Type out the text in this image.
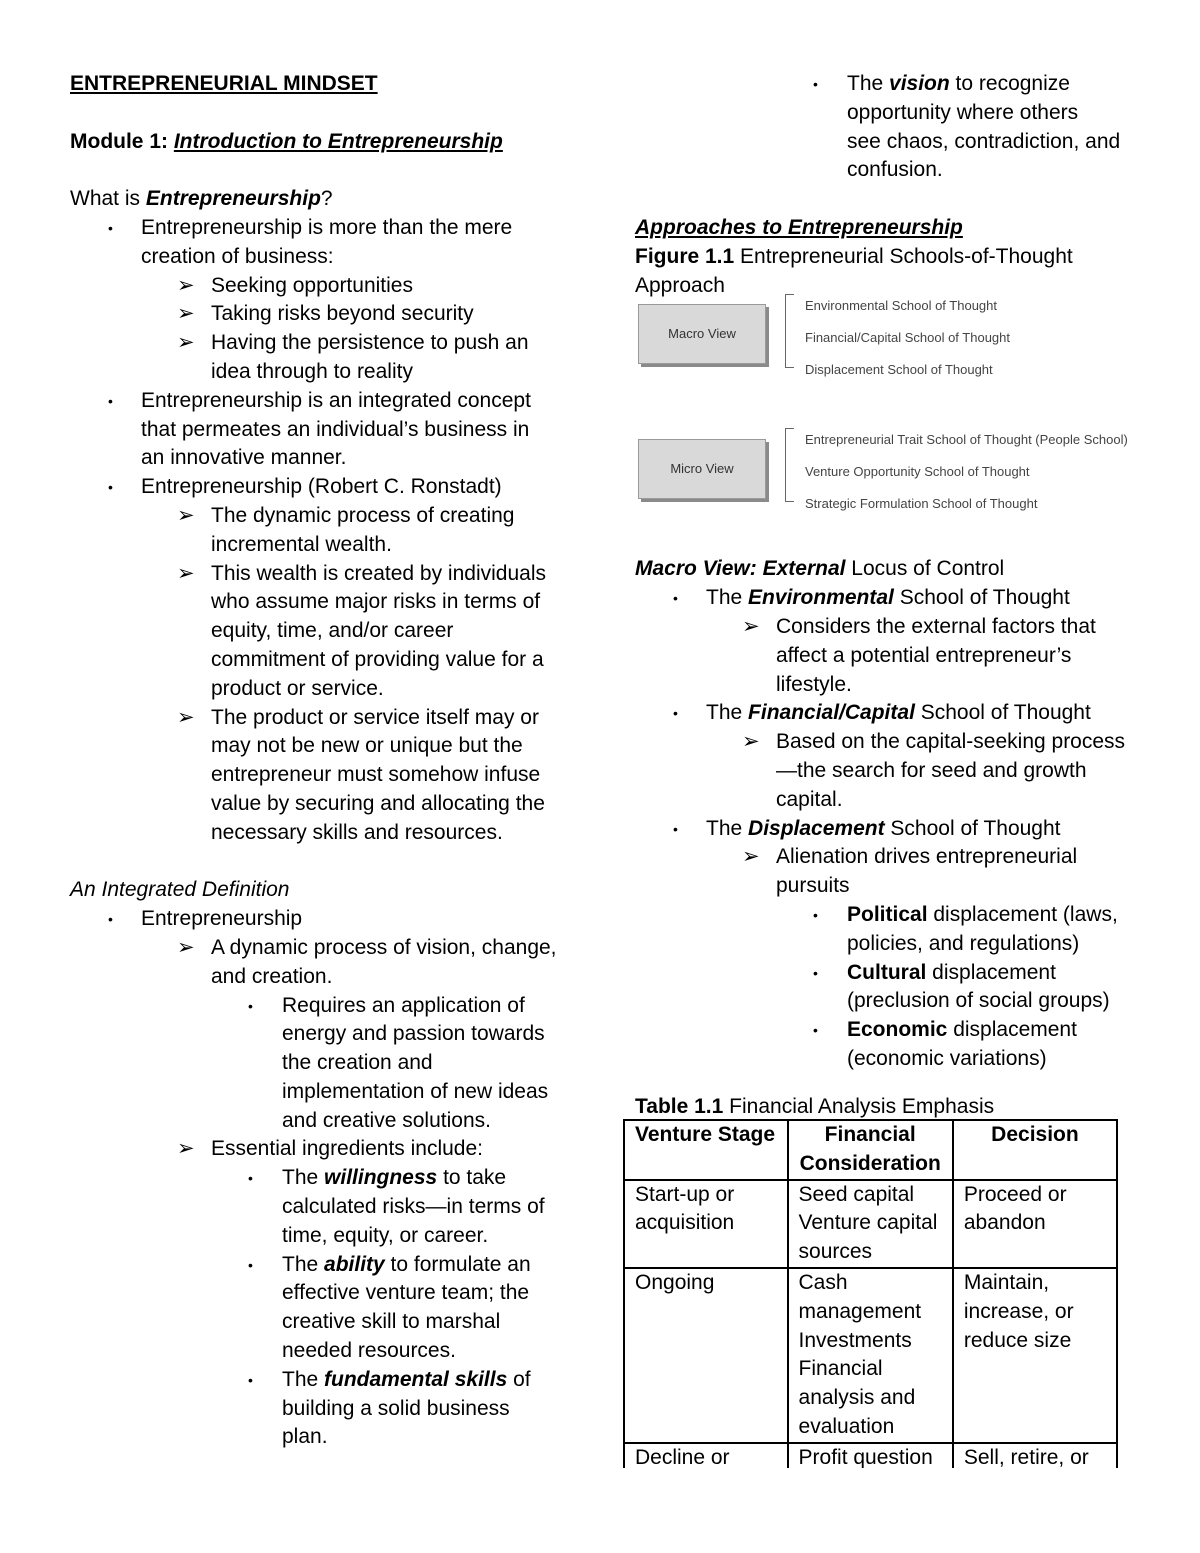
ENTREPRENEURIAL MINDSET
Module 1: Introduction to Entrepreneurship
What is Entrepreneurship?
• Entrepreneurship is more than the mere
creation of business:
➢ Seeking opportunities
➢ Taking risks beyond security
➢ Having the persistence to push an
idea through to reality
• Entrepreneurship is an integrated concept
that permeates an individual’s business in
an innovative manner.
• Entrepreneurship (Robert C. Ronstadt)
➢ The dynamic process of creating
incremental wealth.
➢ This wealth is created by individuals
who assume major risks in terms of
equity, time, and/or career
commitment of providing value for a
product or service.
➢ The product or service itself may or
may not be new or unique but the
entrepreneur must somehow infuse
value by securing and allocating the
necessary skills and resources.
An Integrated Definition
• Entrepreneurship
➢ A dynamic process of vision, change,
and creation.
• Requires an application of
energy and passion towards
the creation and
implementation of new ideas
and creative solutions.
➢ Essential ingredients include:
• The willingness to take
calculated risks—in terms of
time, equity, or career.
• The ability to formulate an
effective venture team; the
creative skill to marshal
needed resources.
• The fundamental skills of
building a solid business
plan.
• The vision to recognize
opportunity where others
see chaos, contradiction, and
confusion.
Approaches to Entrepreneurship
Figure 1.1 Entrepreneurial Schools-of-Thought
Approach
Macro View
Environmental School of Thought
Financial/Capital School of Thought
Displacement School of Thought
Micro View
Entrepreneurial Trait School of Thought (People School)
Venture Opportunity School of Thought
Strategic Formulation School of Thought
Macro View: External Locus of Control
• The Environmental School of Thought
➢ Considers the external factors that
affect a potential entrepreneur’s
lifestyle.
• The Financial/Capital School of Thought
➢ Based on the capital-seeking process
—the search for seed and growth
capital.
• The Displacement School of Thought
➢ Alienation drives entrepreneurial
pursuits
• Political displacement (laws,
policies, and regulations)
• Cultural displacement
(preclusion of social groups)
• Economic displacement
(economic variations)
Table 1.1 Financial Analysis Emphasis
Venture Stage	Financial Consideration	Decision
Start-up or acquisition	Seed capital Venture capital sources	Proceed or abandon
Ongoing	Cash management Investments Financial analysis and evaluation	Maintain, increase, or reduce size
Decline or	Profit question	Sell, retire, or
